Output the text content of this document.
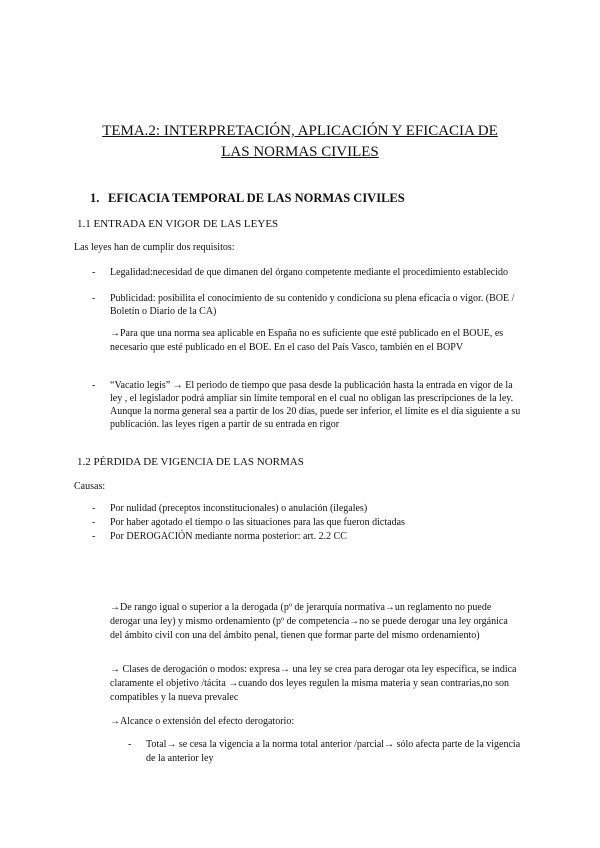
TEMA.2: INTERPRETACIÓN, APLICACIÓN Y EFICACIA DE
LAS NORMAS CIVILES
1. EFICACIA TEMPORAL DE LAS NORMAS CIVILES
1.1 ENTRADA EN VIGOR DE LAS LEYES
Las leyes han de cumplir dos requisitos:
- Legalidad:necesidad de que dimanen del órgano competente mediante el procedimiento establecido
- Publicidad: posibilita el conocimiento de su contenido y condiciona su plena eficacia o vigor. (BOE / Boletín o Diario de la CA)
→Para que una norma sea aplicable en España no es suficiente que esté publicado en el BOUE, es necesario que esté publicado en el BOE. En el caso del País Vasco, también en el BOPV
- “Vacatio legis” → El periodo de tiempo que pasa desde la publicación hasta la entrada en vigor de la ley , el legislador podrá ampliar sin límite temporal en el cual no obligan las prescripciones de la ley. Aunque la norma general sea a partir de los 20 días, puede ser inferior, el límite es el día siguiente a su publicación. las leyes rigen a partir de su entrada en rigor
1.2 PÉRDIDA DE VIGENCIA DE LAS NORMAS
Causas:
- Por nulidad (preceptos inconstitucionales) o anulación (ilegales)
- Por haber agotado el tiempo o las situaciones para las que fueron dictadas
- Por DEROGACIÓN mediante norma posterior: art. 2.2 CC
→De rango igual o superior a la derogada (pº de jerarquía normativa→un reglamento no puede derogar una ley) y mismo ordenamiento (pº de competencia→no se puede derogar una ley orgánica del ámbito civil con una del ámbito penal, tienen que formar parte del mismo ordenamiento)
→ Clases de derogación o modos: expresa→ una ley se crea para derogar ota ley específica, se indica claramente el objetivo /tácita →cuando dos leyes regulen la misma materia y sean contrarias,no son compatibles y la nueva prevalec
→Alcance o extensión del efecto derogatorio:
- Total→ se cesa la vigencia a la norma total anterior /parcial→ sólo afecta parte de la vigencia de la anterior ley
